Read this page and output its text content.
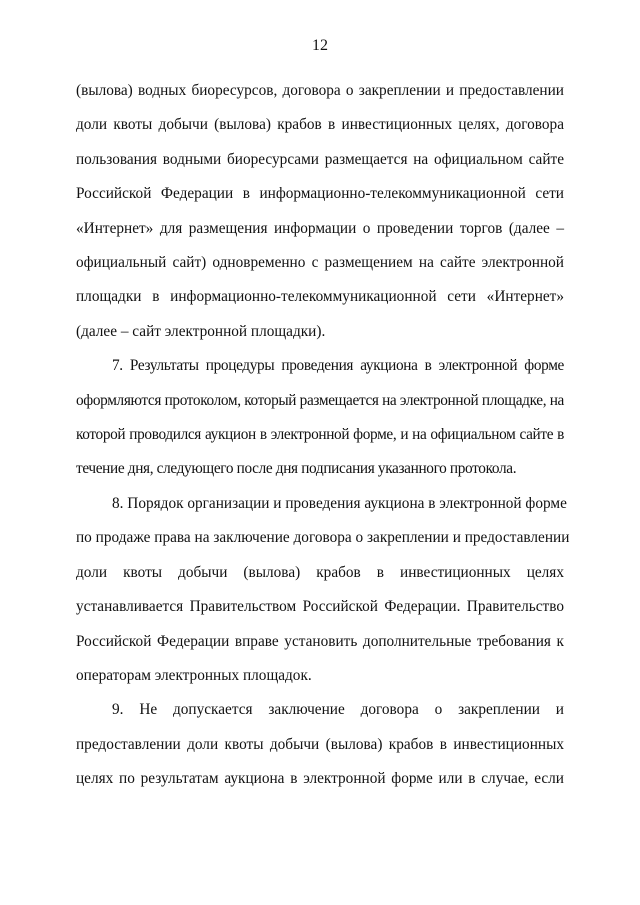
12
(вылова) водных биоресурсов, договора о закреплении и предоставлении
доли квоты добычи (вылова) крабов в инвестиционных целях, договора
пользования водными биоресурсами размещается на официальном сайте
Российской Федерации в информационно-телекоммуникационной сети
«Интернет» для размещения информации о проведении торгов (далее –
официальный сайт) одновременно с размещением на сайте электронной
площадки в информационно-телекоммуникационной сети «Интернет»
(далее – сайт электронной площадки).
7. Результаты процедуры проведения аукциона в электронной форме
оформляются протоколом, который размещается на электронной площадке, на
которой проводился аукцион в электронной форме, и на официальном сайте в
течение дня, следующего после дня подписания указанного протокола.
8. Порядок организации и проведения аукциона в электронной форме
по продаже права на заключение договора о закреплении и предоставлении
доли квоты добычи (вылова) крабов в инвестиционных целях
устанавливается Правительством Российской Федерации. Правительство
Российской Федерации вправе установить дополнительные требования к
операторам электронных площадок.
9. Не допускается заключение договора о закреплении и
предоставлении доли квоты добычи (вылова) крабов в инвестиционных
целях по результатам аукциона в электронной форме или в случае, если
